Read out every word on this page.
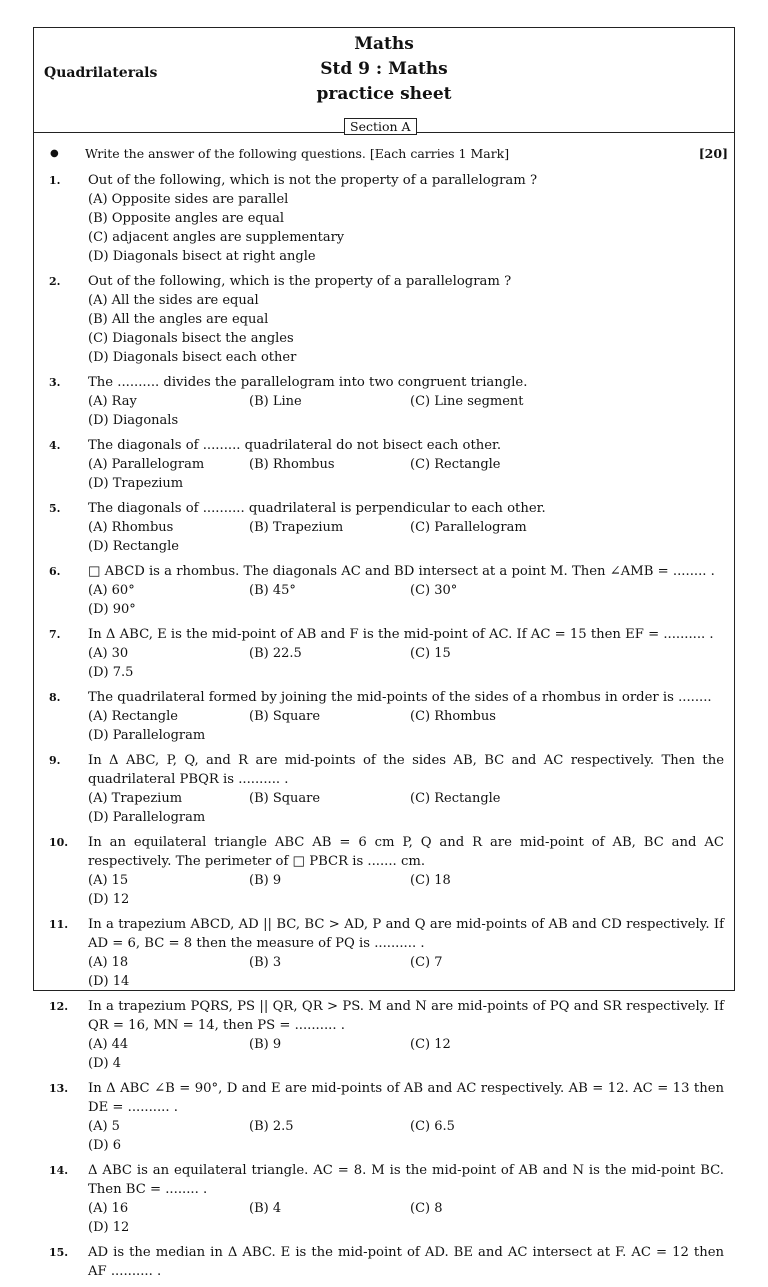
Quadrilaterals
Maths
Std 9 : Maths
practice sheet
Section A
● Write the answer of the following questions. [Each carries 1 Mark]	[20]
1. Out of the following, which is not the property of a parallelogram ?
(A) Opposite sides are parallel
(B) Opposite angles are equal
(C) adjacent angles are supplementary
(D) Diagonals bisect at right angle
2. Out of the following, which is the property of a parallelogram ?
(A) All the sides are equal
(B) All the angles are equal
(C) Diagonals bisect the angles
(D) Diagonals bisect each other
3. The .......... divides the parallelogram into two congruent triangle.
(A) Ray	(B) Line	(C) Line segment
(D) Diagonals
4. The diagonals of ......... quadrilateral do not bisect each other.
(A) Parallelogram	(B) Rhombus	(C) Rectangle
(D) Trapezium
5. The diagonals of .......... quadrilateral is perpendicular to each other.
(A) Rhombus	(B) Trapezium	(C) Parallelogram
(D) Rectangle
6. □ ABCD is a rhombus. The diagonals AC and BD intersect at a point M. Then ∠AMB = ........ .
(A) 60°	(B) 45°	(C) 30°
(D) 90°
7. In Δ ABC, E is the mid-point of AB and F is the mid-point of AC. If AC = 15 then EF = .......... .
(A) 30	(B) 22.5	(C) 15
(D) 7.5
8. The quadrilateral formed by joining the mid-points of the sides of a rhombus in order is ........
(A) Rectangle	(B) Square	(C) Rhombus
(D) Parallelogram
9. In Δ ABC, P, Q, and R are mid-points of the sides AB, BC and AC respectively. Then the quadrilateral PBQR is .......... .
(A) Trapezium	(B) Square	(C) Rectangle
(D) Parallelogram
10. In an equilateral triangle ABC AB = 6 cm P, Q and R are mid-point of AB, BC and AC respectively. The perimeter of □ PBCR is ....... cm.
(A) 15	(B) 9	(C) 18
(D) 12
11. In a trapezium ABCD, AD || BC, BC > AD, P and Q are mid-points of AB and CD respectively. If AD = 6, BC = 8 then the measure of PQ is .......... .
(A) 18	(B) 3	(C) 7
(D) 14
12. In a trapezium PQRS, PS || QR, QR > PS. M and N are mid-points of PQ and SR respectively. If QR = 16, MN = 14, then PS = .......... .
(A) 44	(B) 9	(C) 12
(D) 4
13. In Δ ABC ∠B = 90°, D and E are mid-points of AB and AC respectively. AB = 12. AC = 13 then DE = .......... .
(A) 5	(B) 2.5	(C) 6.5
(D) 6
14. Δ ABC is an equilateral triangle. AC = 8. M is the mid-point of AB and N is the mid-point BC. Then BC = ........ .
(A) 16	(B) 4	(C) 8
(D) 12
15. AD is the median in Δ ABC. E is the mid-point of AD. BE and AC intersect at F. AC = 12 then AF .......... .
